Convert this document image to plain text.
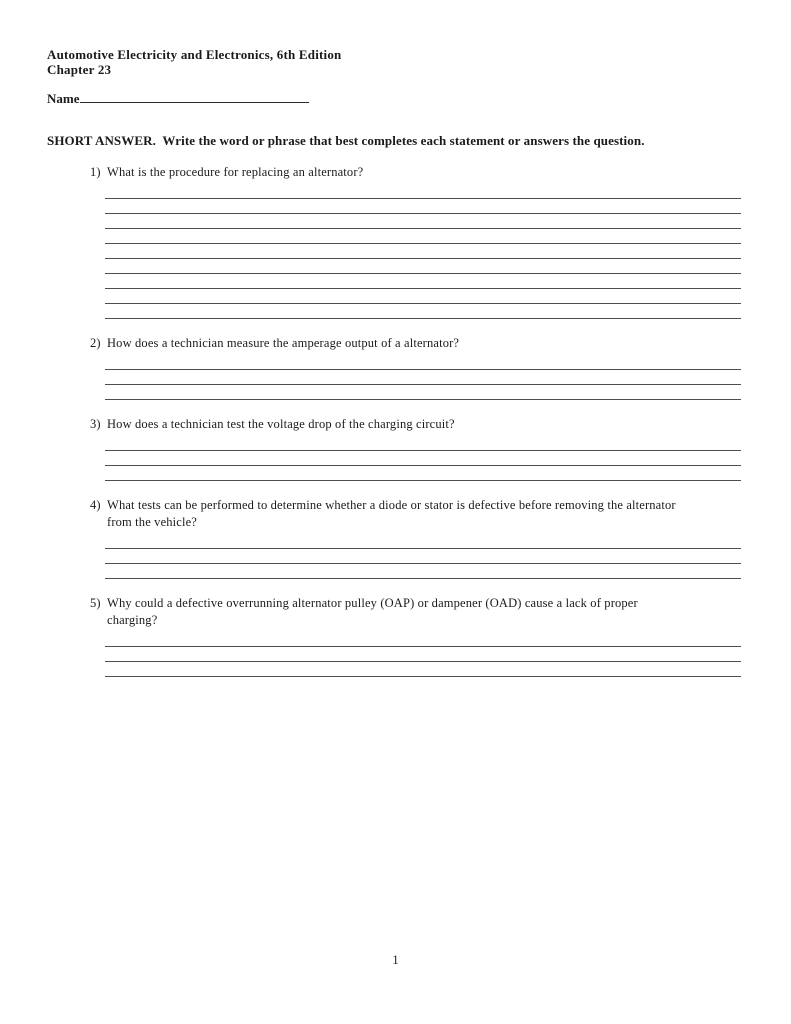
Automotive Electricity and Electronics, 6th Edition
Chapter 23
Name
SHORT ANSWER.  Write the word or phrase that best completes each statement or answers the question.
1) What is the procedure for replacing an alternator?
2) How does a technician measure the amperage output of a alternator?
3) How does a technician test the voltage drop of the charging circuit?
4) What tests can be performed to determine whether a diode or stator is defective before removing the alternator
from the vehicle?
5) Why could a defective overrunning alternator pulley (OAP) or dampener (OAD) cause a lack of proper
charging?
1
